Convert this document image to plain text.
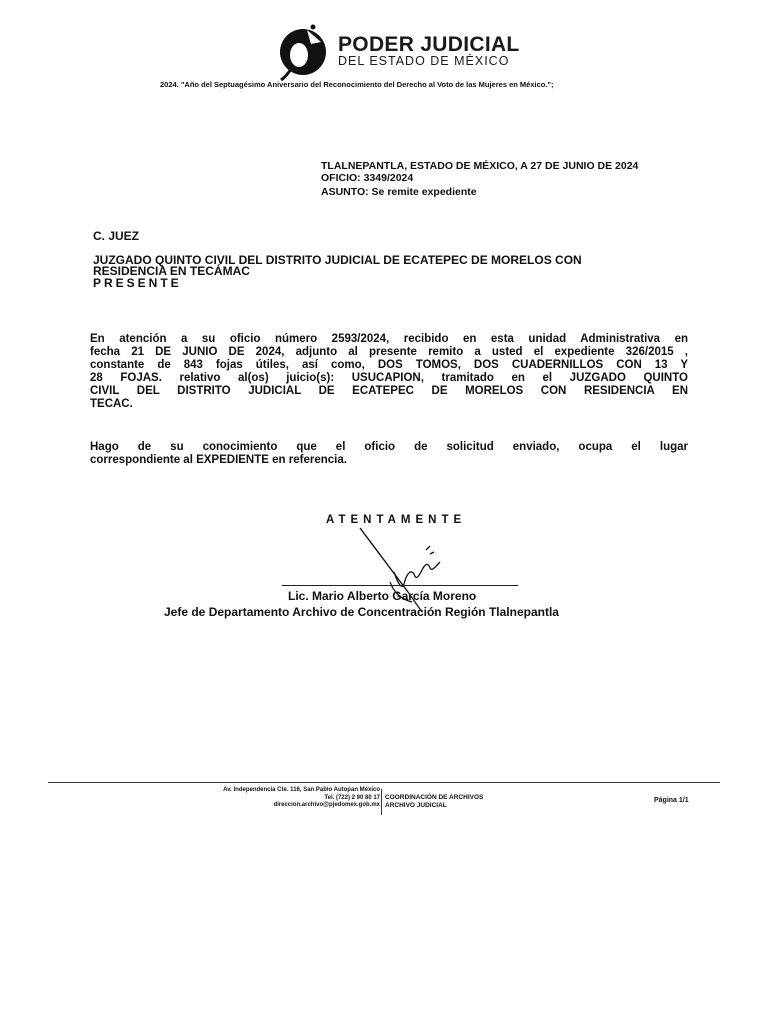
PODER JUDICIAL
DEL ESTADO DE MÉXICO
2024. "Año del Septuagésimo Aniversario del Reconocimiento del Derecho al Voto de las Mujeres en México.";
TLALNEPANTLA, ESTADO DE MÉXICO, A 27 DE JUNIO DE 2024
OFICIO: 3349/2024
ASUNTO: Se remite expediente
C. JUEZ
JUZGADO QUINTO CIVIL DEL DISTRITO JUDICIAL DE ECATEPEC DE MORELOS CON
RESIDENCIA EN TECÁMAC
PRESENTE
En atención a su oficio número 2593/2024, recibido en esta unidad Administrativa en
fecha 21 DE JUNIO DE 2024, adjunto al presente remito a usted el expediente 326/2015 ,
constante de 843 fojas útiles, así como, DOS TOMOS, DOS CUADERNILLOS CON 13 Y
28 FOJAS. relativo al(os) juicio(s): USUCAPION, tramitado en el JUZGADO QUINTO
CIVIL DEL DISTRITO JUDICIAL DE ECATEPEC DE MORELOS CON RESIDENCIA EN
TECAC.
Hago de su conocimiento que el oficio de solicitud enviado, ocupa el lugar
correspondiente al EXPEDIENTE en referencia.
ATENTAMENTE
Lic. Mario Alberto García Moreno
Jefe de Departamento Archivo de Concentración Región Tlalnepantla
Av. Independencia Cte. 116, San Pablo Autopan México
Tel. (722) 2 90 80 17
direccion.archivo@pjedomex.gob.mx
COORDINACIÓN DE ARCHIVOS
ARCHIVO JUDICIAL
Página 1/1
